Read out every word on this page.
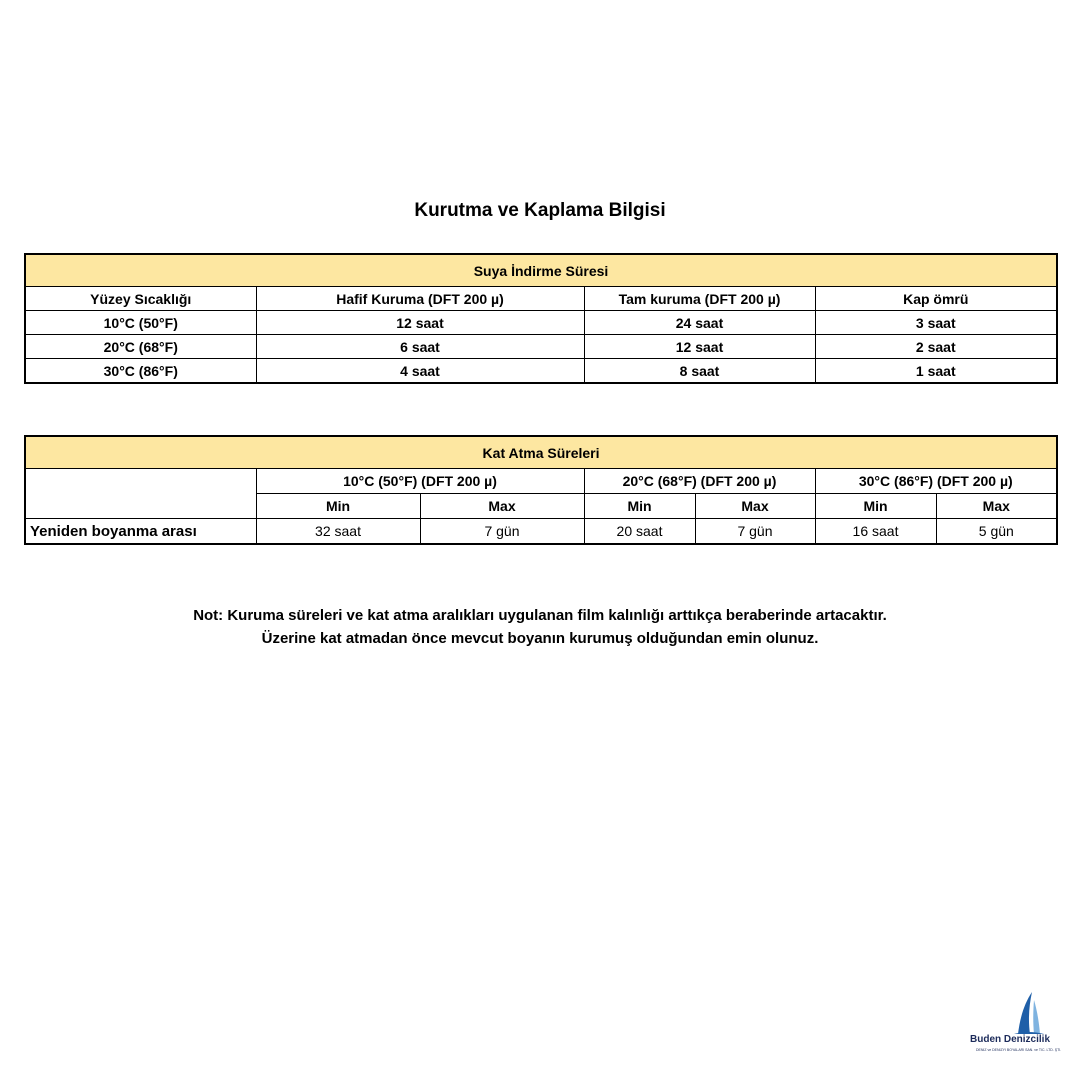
Kurutma ve Kaplama Bilgisi
Suya İndirme Süresi			
Yüzey Sıcaklığı	Hafif Kuruma (DFT 200 µ)	Tam kuruma (DFT 200 µ)	Kap ömrü
10°C (50°F)	12 saat	24 saat	3 saat
20°C (68°F)	6 saat	12 saat	2 saat
30°C (86°F)	4 saat	8 saat	1 saat
Kat Atma Süreleri						
	10°C (50°F) (DFT 200 µ)		20°C (68°F) (DFT 200 µ)		30°C (86°F) (DFT 200 µ)	
	Min	Max	Min	Max	Min	Max
Yeniden boyanma arası	32 saat	7 gün	20 saat	7 gün	16 saat	5 gün
Not: Kuruma süreleri ve kat atma aralıkları uygulanan film kalınlığı arttıkça beraberinde artacaktır.
Üzerine kat atmadan önce mevcut boyanın kurumuş olduğundan emin olunuz.
Buden Denizcilik
DENİZ ve DENİZYİ BOYALARI SAN. ve TİC. LTD. ŞTİ.
